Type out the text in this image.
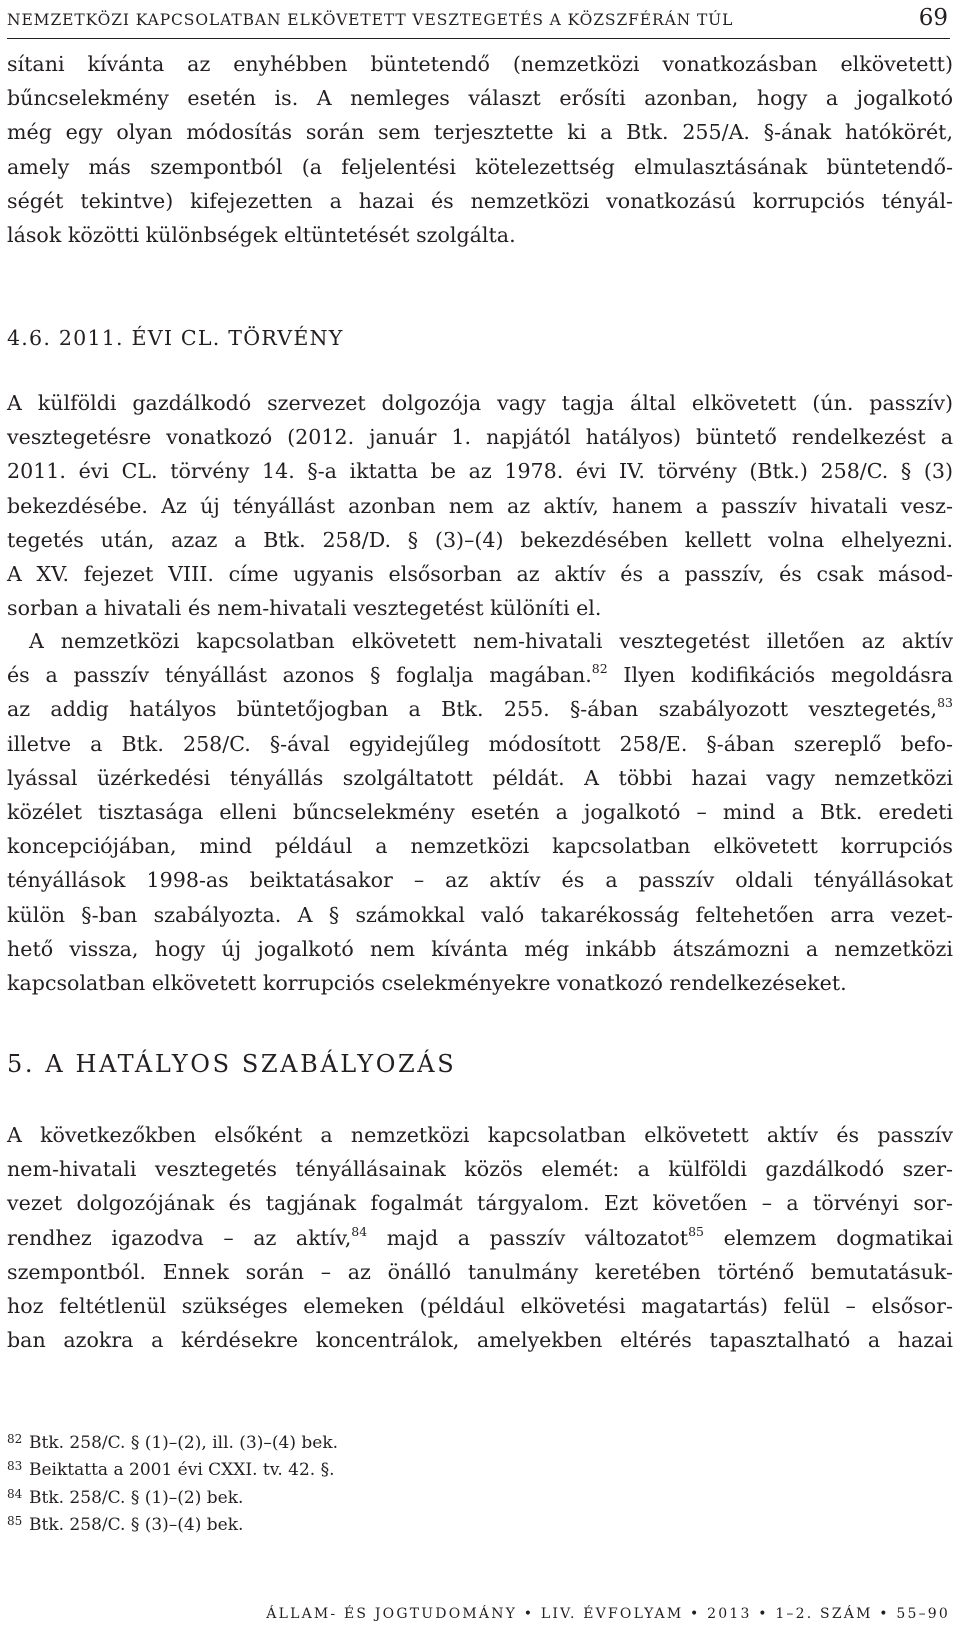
NEMZETKÖZI KAPCSOLATBAN ELKÖVETETT VESZTEGETÉS A KÖZSZFÉRÁN TÚL	69
sítani kívánta az enyhébben büntetendő (nemzetközi vonatkozásban elkövetett)
bűncselekmény esetén is. A nemleges választ erősíti azonban, hogy a jogalkotó
még egy olyan módosítás során sem terjesztette ki a Btk. 255/A. §-ának hatókörét,
amely más szempontból (a feljelentési kötelezettség elmulasztásának büntetendő-
ségét tekintve) kifejezetten a hazai és nemzetközi vonatkozású korrupciós tényál-
lások közötti különbségek eltüntetését szolgálta.
4.6. 2011. ÉVI CL. TÖRVÉNY
A külföldi gazdálkodó szervezet dolgozója vagy tagja által elkövetett (ún. passzív)
vesztegetésre vonatkozó (2012. január 1. napjától hatályos) büntető rendelkezést a
2011. évi CL. törvény 14. §-a iktatta be az 1978. évi IV. törvény (Btk.) 258/C. § (3)
bekezdésébe. Az új tényállást azonban nem az aktív, hanem a passzív hivatali vesz-
tegetés után, azaz a Btk. 258/D. § (3)–(4) bekezdésében kellett volna elhelyezni.
A XV. fejezet VIII. címe ugyanis elsősorban az aktív és a passzív, és csak másod-
sorban a hivatali és nem-hivatali vesztegetést különíti el.
A nemzetközi kapcsolatban elkövetett nem-hivatali vesztegetést illetően az aktív
és a passzív tényállást azonos § foglalja magában.$^{82}$ Ilyen kodifikációs megoldásra
az addig hatályos büntetőjogban a Btk. 255. §-ában szabályozott vesztegetés,$^{83}$
illetve a Btk. 258/C. §-ával egyidejűleg módosított 258/E. §-ában szereplő befo-
lyással üzérkedési tényállás szolgáltatott példát. A többi hazai vagy nemzetközi
közélet tisztasága elleni bűncselekmény esetén a jogalkotó – mind a Btk. eredeti
koncepciójában, mind például a nemzetközi kapcsolatban elkövetett korrupciós
tényállások 1998-as beiktatásakor – az aktív és a passzív oldali tényállásokat
külön §-ban szabályozta. A § számokkal való takarékosság feltehetően arra vezet-
hető vissza, hogy új jogalkotó nem kívánta még inkább átszámozni a nemzetközi
kapcsolatban elkövetett korrupciós cselekményekre vonatkozó rendelkezéseket.
5. A HATÁLYOS SZABÁLYOZÁS
A következőkben elsőként a nemzetközi kapcsolatban elkövetett aktív és passzív
nem-hivatali vesztegetés tényállásainak közös elemét: a külföldi gazdálkodó szer-
vezet dolgozójának és tagjának fogalmát tárgyalom. Ezt követően – a törvényi sor-
rendhez igazodva – az aktív,$^{84}$ majd a passzív változatot$^{85}$ elemzem dogmatikai
szempontból. Ennek során – az önálló tanulmány keretében történő bemutatásuk-
hoz feltétlenül szükséges elemeken (például elkövetési magatartás) felül – elsősor-
ban azokra a kérdésekre koncentrálok, amelyekben eltérés tapasztalható a hazai
82 Btk. 258/C. § (1)–(2), ill. (3)–(4) bek.
83 Beiktatta a 2001 évi CXXI. tv. 42. §.
84 Btk. 258/C. § (1)–(2) bek.
85 Btk. 258/C. § (3)–(4) bek.
ÁLLAM- ÉS JOGTUDOMÁNY • LIV. ÉVFOLYAM • 2013 • 1–2. SZÁM • 55–90
